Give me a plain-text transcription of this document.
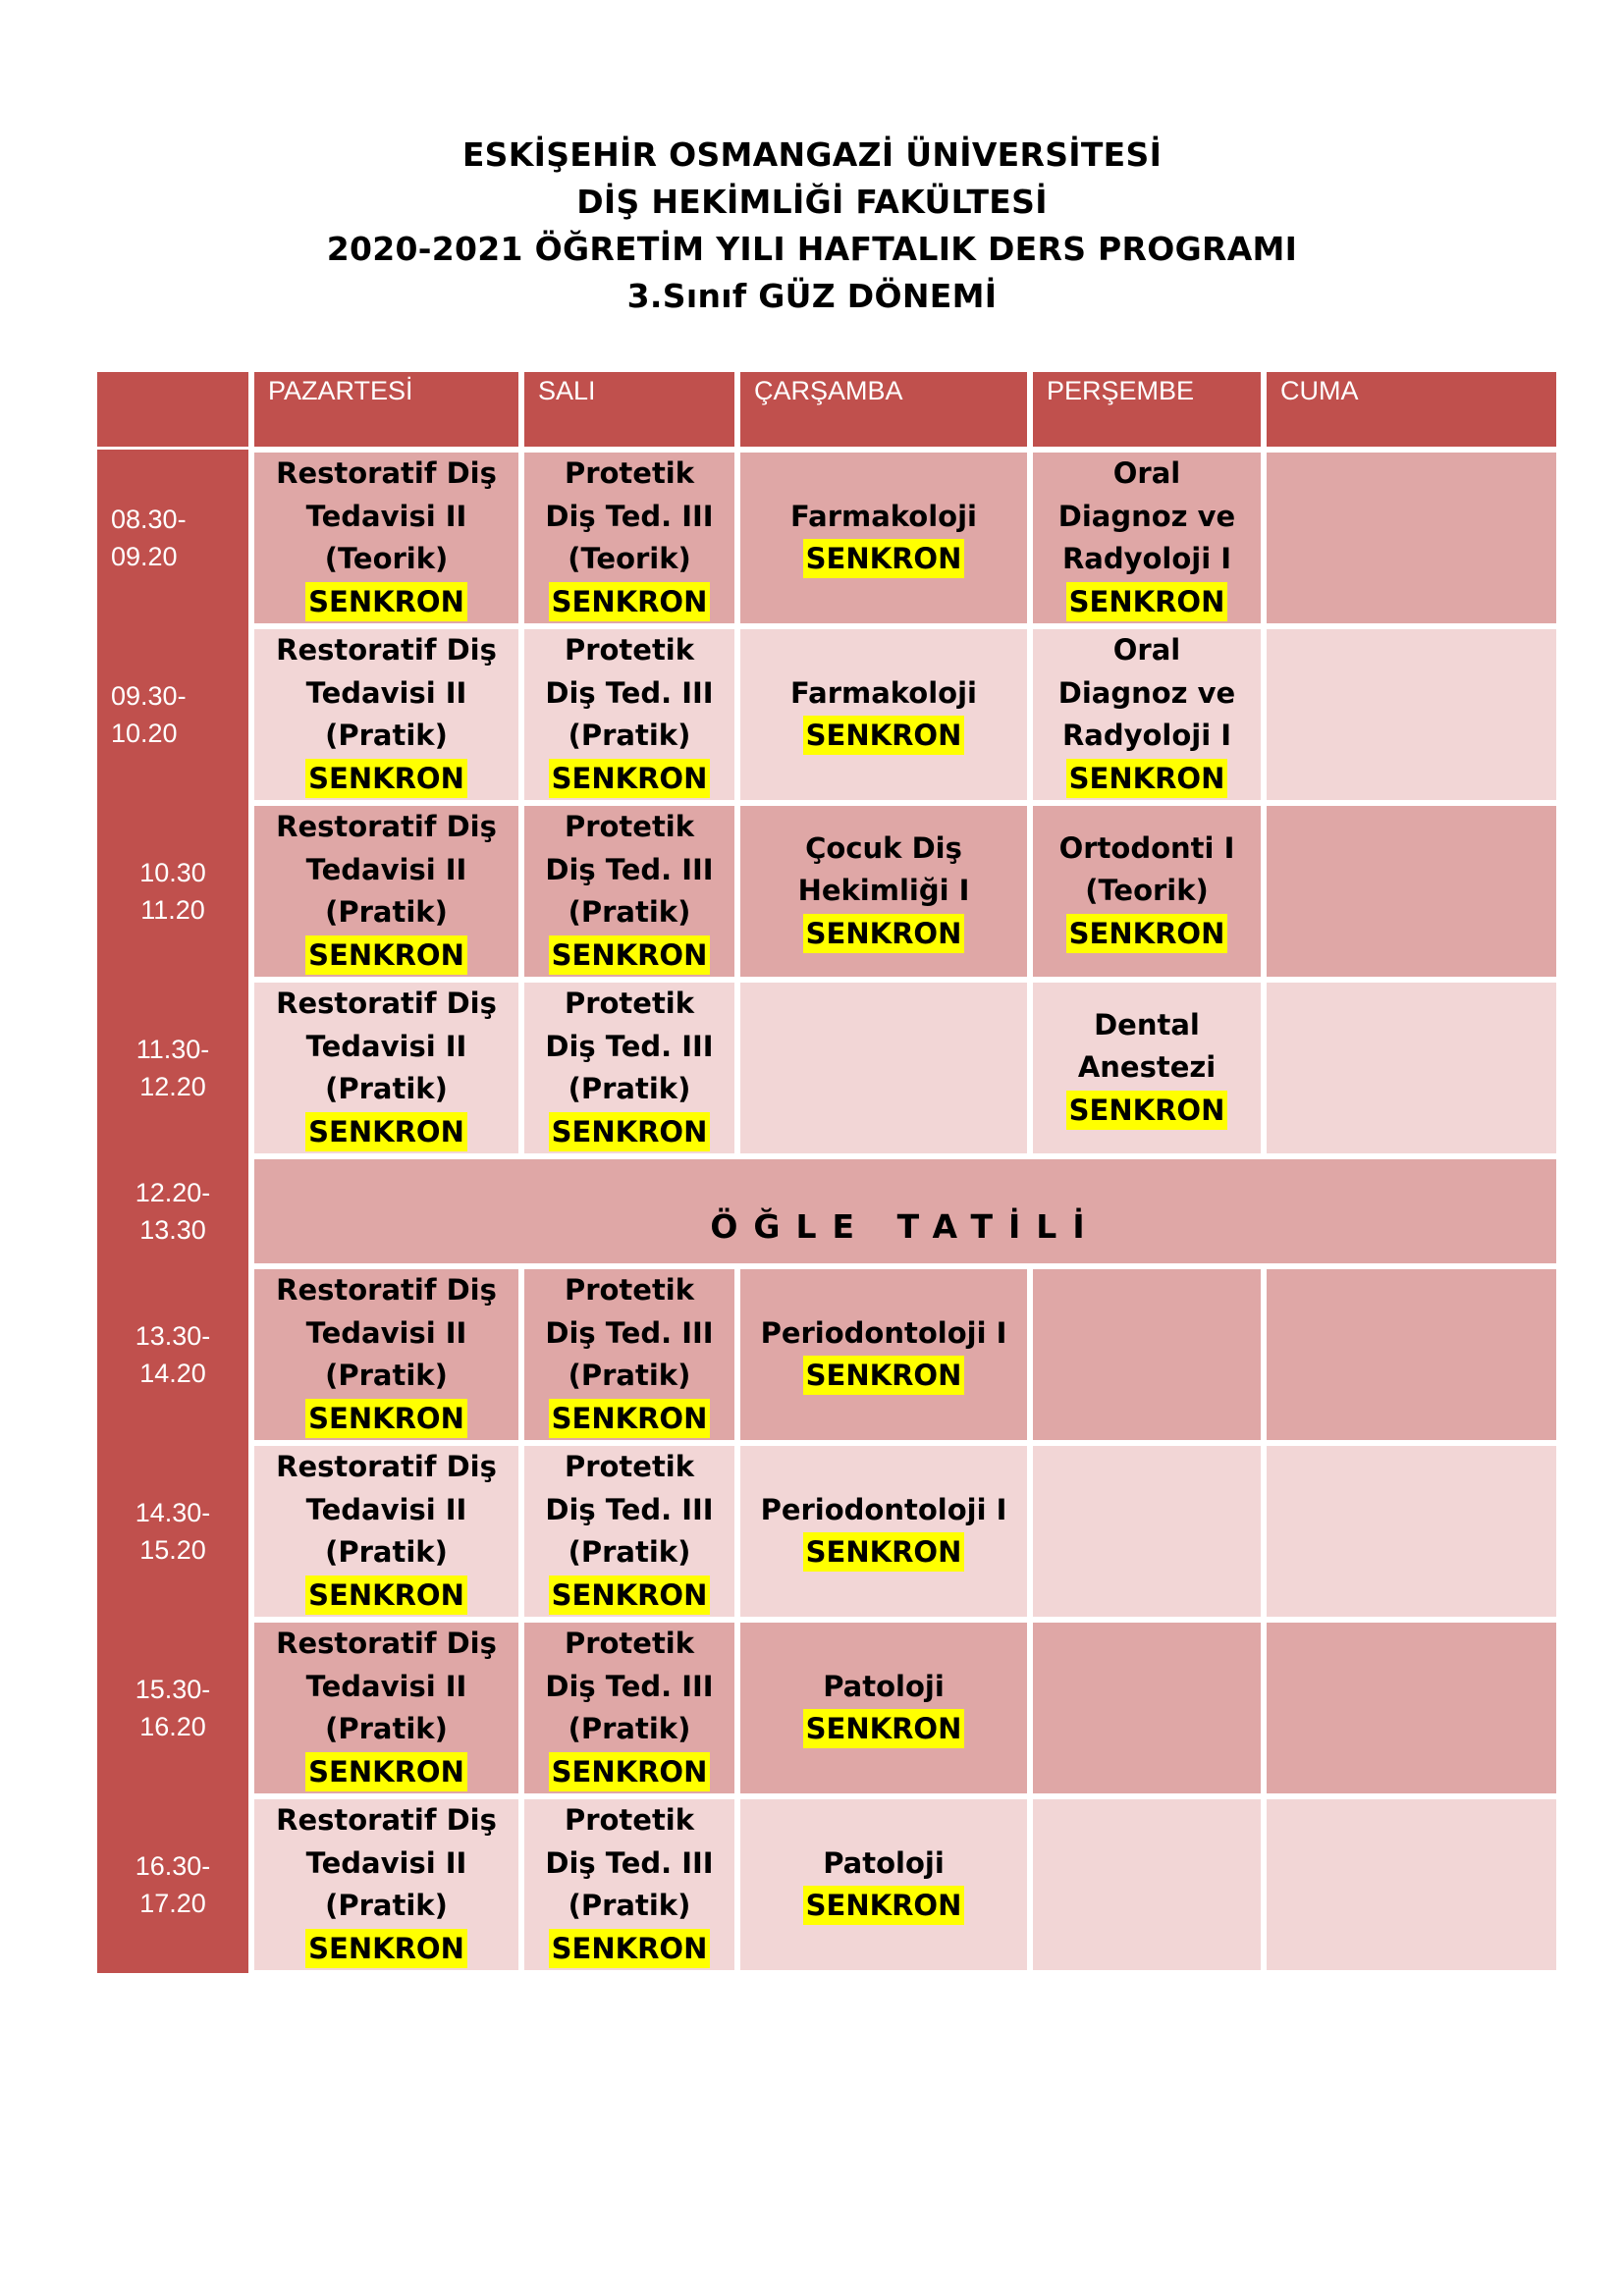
ESKİŞEHİR OSMANGAZİ ÜNİVERSİTESİ
DİŞ HEKİMLİĞİ FAKÜLTESİ
2020-2021 ÖĞRETİM YILI HAFTALIK DERS PROGRAMI
3.Sınıf GÜZ DÖNEMİ
	PAZARTESİ	SALI	ÇARŞAMBA	PERŞEMBE	CUMA

08.30-
09.20	Restoratif Diş
Tedavisi II
(Teorik)
SENKRON	Protetik
Diş Ted. III
(Teorik)
SENKRON	Farmakoloji
SENKRON	Oral
Diagnoz ve
Radyoloji I
SENKRON	

09.30-
10.20	Restoratif Diş
Tedavisi II
(Pratik)
SENKRON	Protetik
Diş Ted. III
(Pratik)
SENKRON	Farmakoloji
SENKRON	Oral
Diagnoz ve
Radyoloji I
SENKRON	

10.30
11.20	Restoratif Diş
Tedavisi II
(Pratik)
SENKRON	Protetik
Diş Ted. III
(Pratik)
SENKRON	Çocuk Diş
Hekimliği I
SENKRON	Ortodonti I
(Teorik)
SENKRON	

11.30-
12.20	Restoratif Diş
Tedavisi II
(Pratik)
SENKRON	Protetik
Diş Ted. III
(Pratik)
SENKRON		Dental
Anestezi
SENKRON	

12.20-
13.30	ÖĞLE TATİLİ				

13.30-
14.20	Restoratif Diş
Tedavisi II
(Pratik)
SENKRON	Protetik
Diş Ted. III
(Pratik)
SENKRON	Periodontoloji I
SENKRON		

14.30-
15.20	Restoratif Diş
Tedavisi II
(Pratik)
SENKRON	Protetik
Diş Ted. III
(Pratik)
SENKRON	Periodontoloji I
SENKRON		

15.30-
16.20	Restoratif Diş
Tedavisi II
(Pratik)
SENKRON	Protetik
Diş Ted. III
(Pratik)
SENKRON	Patoloji
SENKRON		

16.30-
17.20	Restoratif Diş
Tedavisi II
(Pratik)
SENKRON	Protetik
Diş Ted. III
(Pratik)
SENKRON	Patoloji
SENKRON		
